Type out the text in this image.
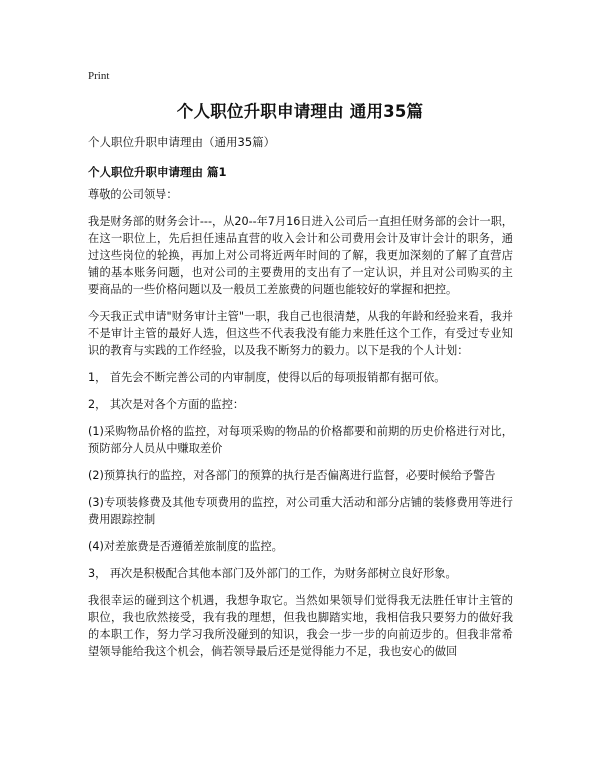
Print
个人职位升职申请理由 通用35篇
个人职位升职申请理由（通用35篇）
个人职位升职申请理由 篇1

尊敬的公司领导：

我是财务部的财务会计---，从20--年7月16日进入公司后一直担任财务部的会计一职，在这一职位上，先后担任速品直营的收入会计和公司费用会计及审计会计的职务，通过这些岗位的轮换，再加上对公司将近两年时间的了解，我更加深刻的了解了直营店铺的基本账务问题，也对公司的主要费用的支出有了一定认识，并且对公司购买的主要商品的一些价格问题以及一般员工差旅费的问题也能较好的掌握和把控。

今天我正式申请"财务审计主管"一职，我自己也很清楚，从我的年龄和经验来看，我并不是审计主管的最好人选，但这些不代表我没有能力来胜任这个工作，有受过专业知识的教育与实践的工作经验，以及我不断努力的毅力。以下是我的个人计划：

1， 首先会不断完善公司的内审制度，使得以后的每项报销都有据可依。

2， 其次是对各个方面的监控：

(1)采购物品价格的监控，对每项采购的物品的价格都要和前期的历史价格进行对比，预防部分人员从中赚取差价

(2)预算执行的监控，对各部门的预算的执行是否偏离进行监督，必要时候给予警告

(3)专项装修费及其他专项费用的监控，对公司重大活动和部分店铺的装修费用等进行费用跟踪控制

(4)对差旅费是否遵循差旅制度的监控。

3， 再次是积极配合其他本部门及外部门的工作，为财务部树立良好形象。

我很幸运的碰到这个机遇，我想争取它。当然如果领导们觉得我无法胜任审计主管的职位，我也欣然接受，我有我的理想，但我也脚踏实地，我相信我只要努力的做好我的本职工作，努力学习我所没碰到的知识，我会一步一步的向前迈步的。但我非常希望领导能给我这个机会，倘若领导最后还是觉得能力不足，我也安心的做回
